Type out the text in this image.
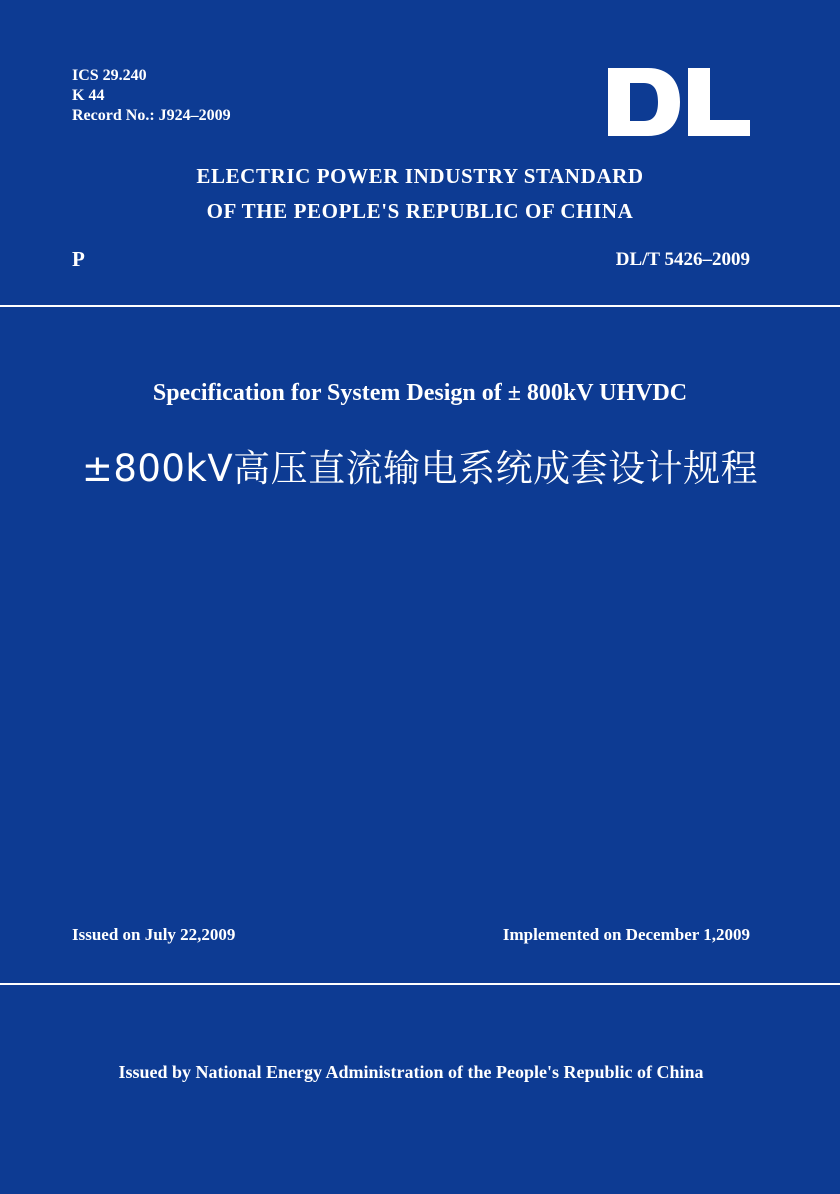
ICS 29.240
K 44
Record No.: J924–2009
ELECTRIC POWER INDUSTRY STANDARD
OF THE PEOPLE'S REPUBLIC OF CHINA
P	DL/T 5426–2009
Specification for System Design of ± 800kV UHVDC
±800kV高压直流输电系统成套设计规程
Issued on July 22,2009	Implemented on December 1,2009
Issued by National Energy Administration of the People's Republic of China
